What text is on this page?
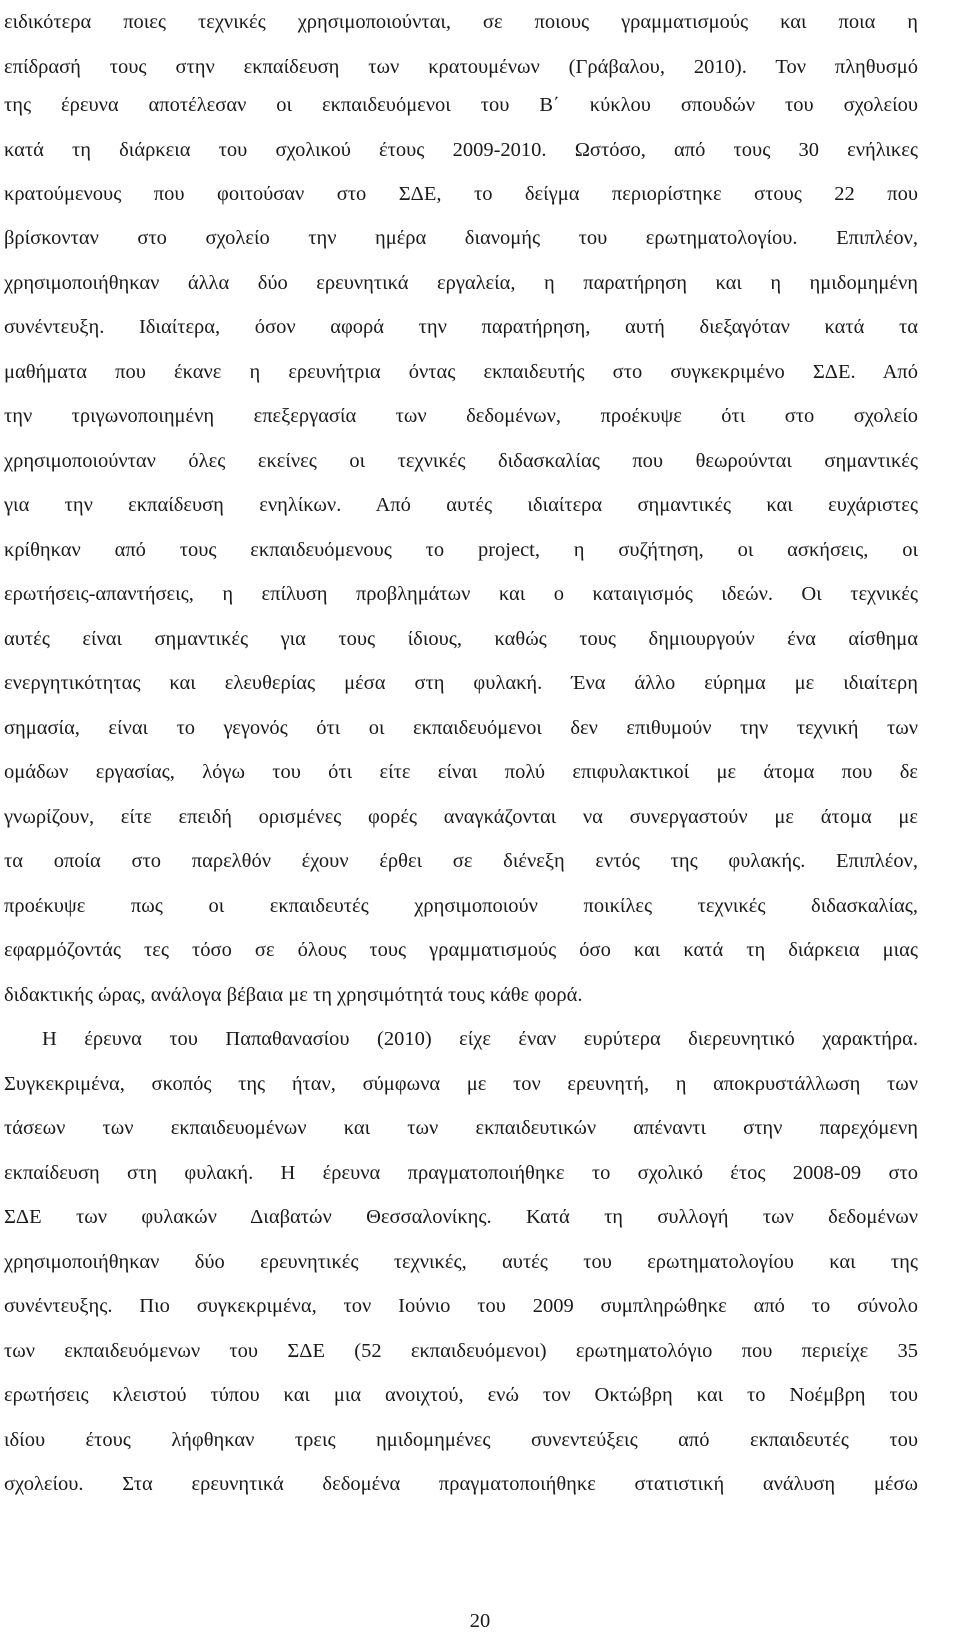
ειδικότερα ποιες τεχνικές χρησιμοποιούνται, σε ποιους γραμματισμούς και ποια η
επίδρασή τους στην εκπαίδευση των κρατουμένων (Γράβαλου, 2010). Τον πληθυσμό
της έρευνα αποτέλεσαν οι εκπαιδευόμενοι του Β΄ κύκλου σπουδών του σχολείου
κατά τη διάρκεια του σχολικού έτους 2009-2010. Ωστόσο, από τους 30 ενήλικες
κρατούμενους που φοιτούσαν στο ΣΔΕ, το δείγμα περιορίστηκε στους 22 που
βρίσκονταν στο σχολείο την ημέρα διανομής του ερωτηματολογίου. Επιπλέον,
χρησιμοποιήθηκαν άλλα δύο ερευνητικά εργαλεία, η παρατήρηση και η ημιδομημένη
συνέντευξη. Ιδιαίτερα, όσον αφορά την παρατήρηση, αυτή διεξαγόταν κατά τα
μαθήματα που έκανε η ερευνήτρια όντας εκπαιδευτής στο συγκεκριμένο ΣΔΕ. Από
την τριγωνοποιημένη επεξεργασία των δεδομένων, προέκυψε ότι στο σχολείο
χρησιμοποιούνταν όλες εκείνες οι τεχνικές διδασκαλίας που θεωρούνται σημαντικές
για την εκπαίδευση ενηλίκων. Από αυτές ιδιαίτερα σημαντικές και ευχάριστες
κρίθηκαν από τους εκπαιδευόμενους το project, η συζήτηση, οι ασκήσεις, οι
ερωτήσεις-απαντήσεις, η επίλυση προβλημάτων και ο καταιγισμός ιδεών. Οι τεχνικές
αυτές είναι σημαντικές για τους ίδιους, καθώς τους δημιουργούν ένα αίσθημα
ενεργητικότητας και ελευθερίας μέσα στη φυλακή. Ένα άλλο εύρημα με ιδιαίτερη
σημασία, είναι το γεγονός ότι οι εκπαιδευόμενοι δεν επιθυμούν την τεχνική των
ομάδων εργασίας, λόγω του ότι είτε είναι πολύ επιφυλακτικοί με άτομα που δε
γνωρίζουν, είτε επειδή ορισμένες φορές αναγκάζονται να συνεργαστούν με άτομα με
τα οποία στο παρελθόν έχουν έρθει σε διένεξη εντός της φυλακής. Επιπλέον,
προέκυψε πως οι εκπαιδευτές χρησιμοποιούν ποικίλες τεχνικές διδασκαλίας,
εφαρμόζοντάς τες τόσο σε όλους τους γραμματισμούς όσο και κατά τη διάρκεια μιας
διδακτικής ώρας, ανάλογα βέβαια με τη χρησιμότητά τους κάθε φορά.
Η έρευνα του Παπαθανασίου (2010) είχε έναν ευρύτερα διερευνητικό χαρακτήρα.
Συγκεκριμένα, σκοπός της ήταν, σύμφωνα με τον ερευνητή, η αποκρυστάλλωση των
τάσεων των εκπαιδευομένων και των εκπαιδευτικών απέναντι στην παρεχόμενη
εκπαίδευση στη φυλακή. Η έρευνα πραγματοποιήθηκε το σχολικό έτος 2008-09 στο
ΣΔΕ των φυλακών Διαβατών Θεσσαλονίκης. Κατά τη συλλογή των δεδομένων
χρησιμοποιήθηκαν δύο ερευνητικές τεχνικές, αυτές του ερωτηματολογίου και της
συνέντευξης. Πιο συγκεκριμένα, τον Ιούνιο του 2009 συμπληρώθηκε από το σύνολο
των εκπαιδευόμενων του ΣΔΕ (52 εκπαιδευόμενοι) ερωτηματολόγιο που περιείχε 35
ερωτήσεις κλειστού τύπου και μια ανοιχτού, ενώ τον Οκτώβρη και το Νοέμβρη του
ιδίου έτους λήφθηκαν τρεις ημιδομημένες συνεντεύξεις από εκπαιδευτές του
σχολείου. Στα ερευνητικά δεδομένα πραγματοποιήθηκε στατιστική ανάλυση μέσω
20
